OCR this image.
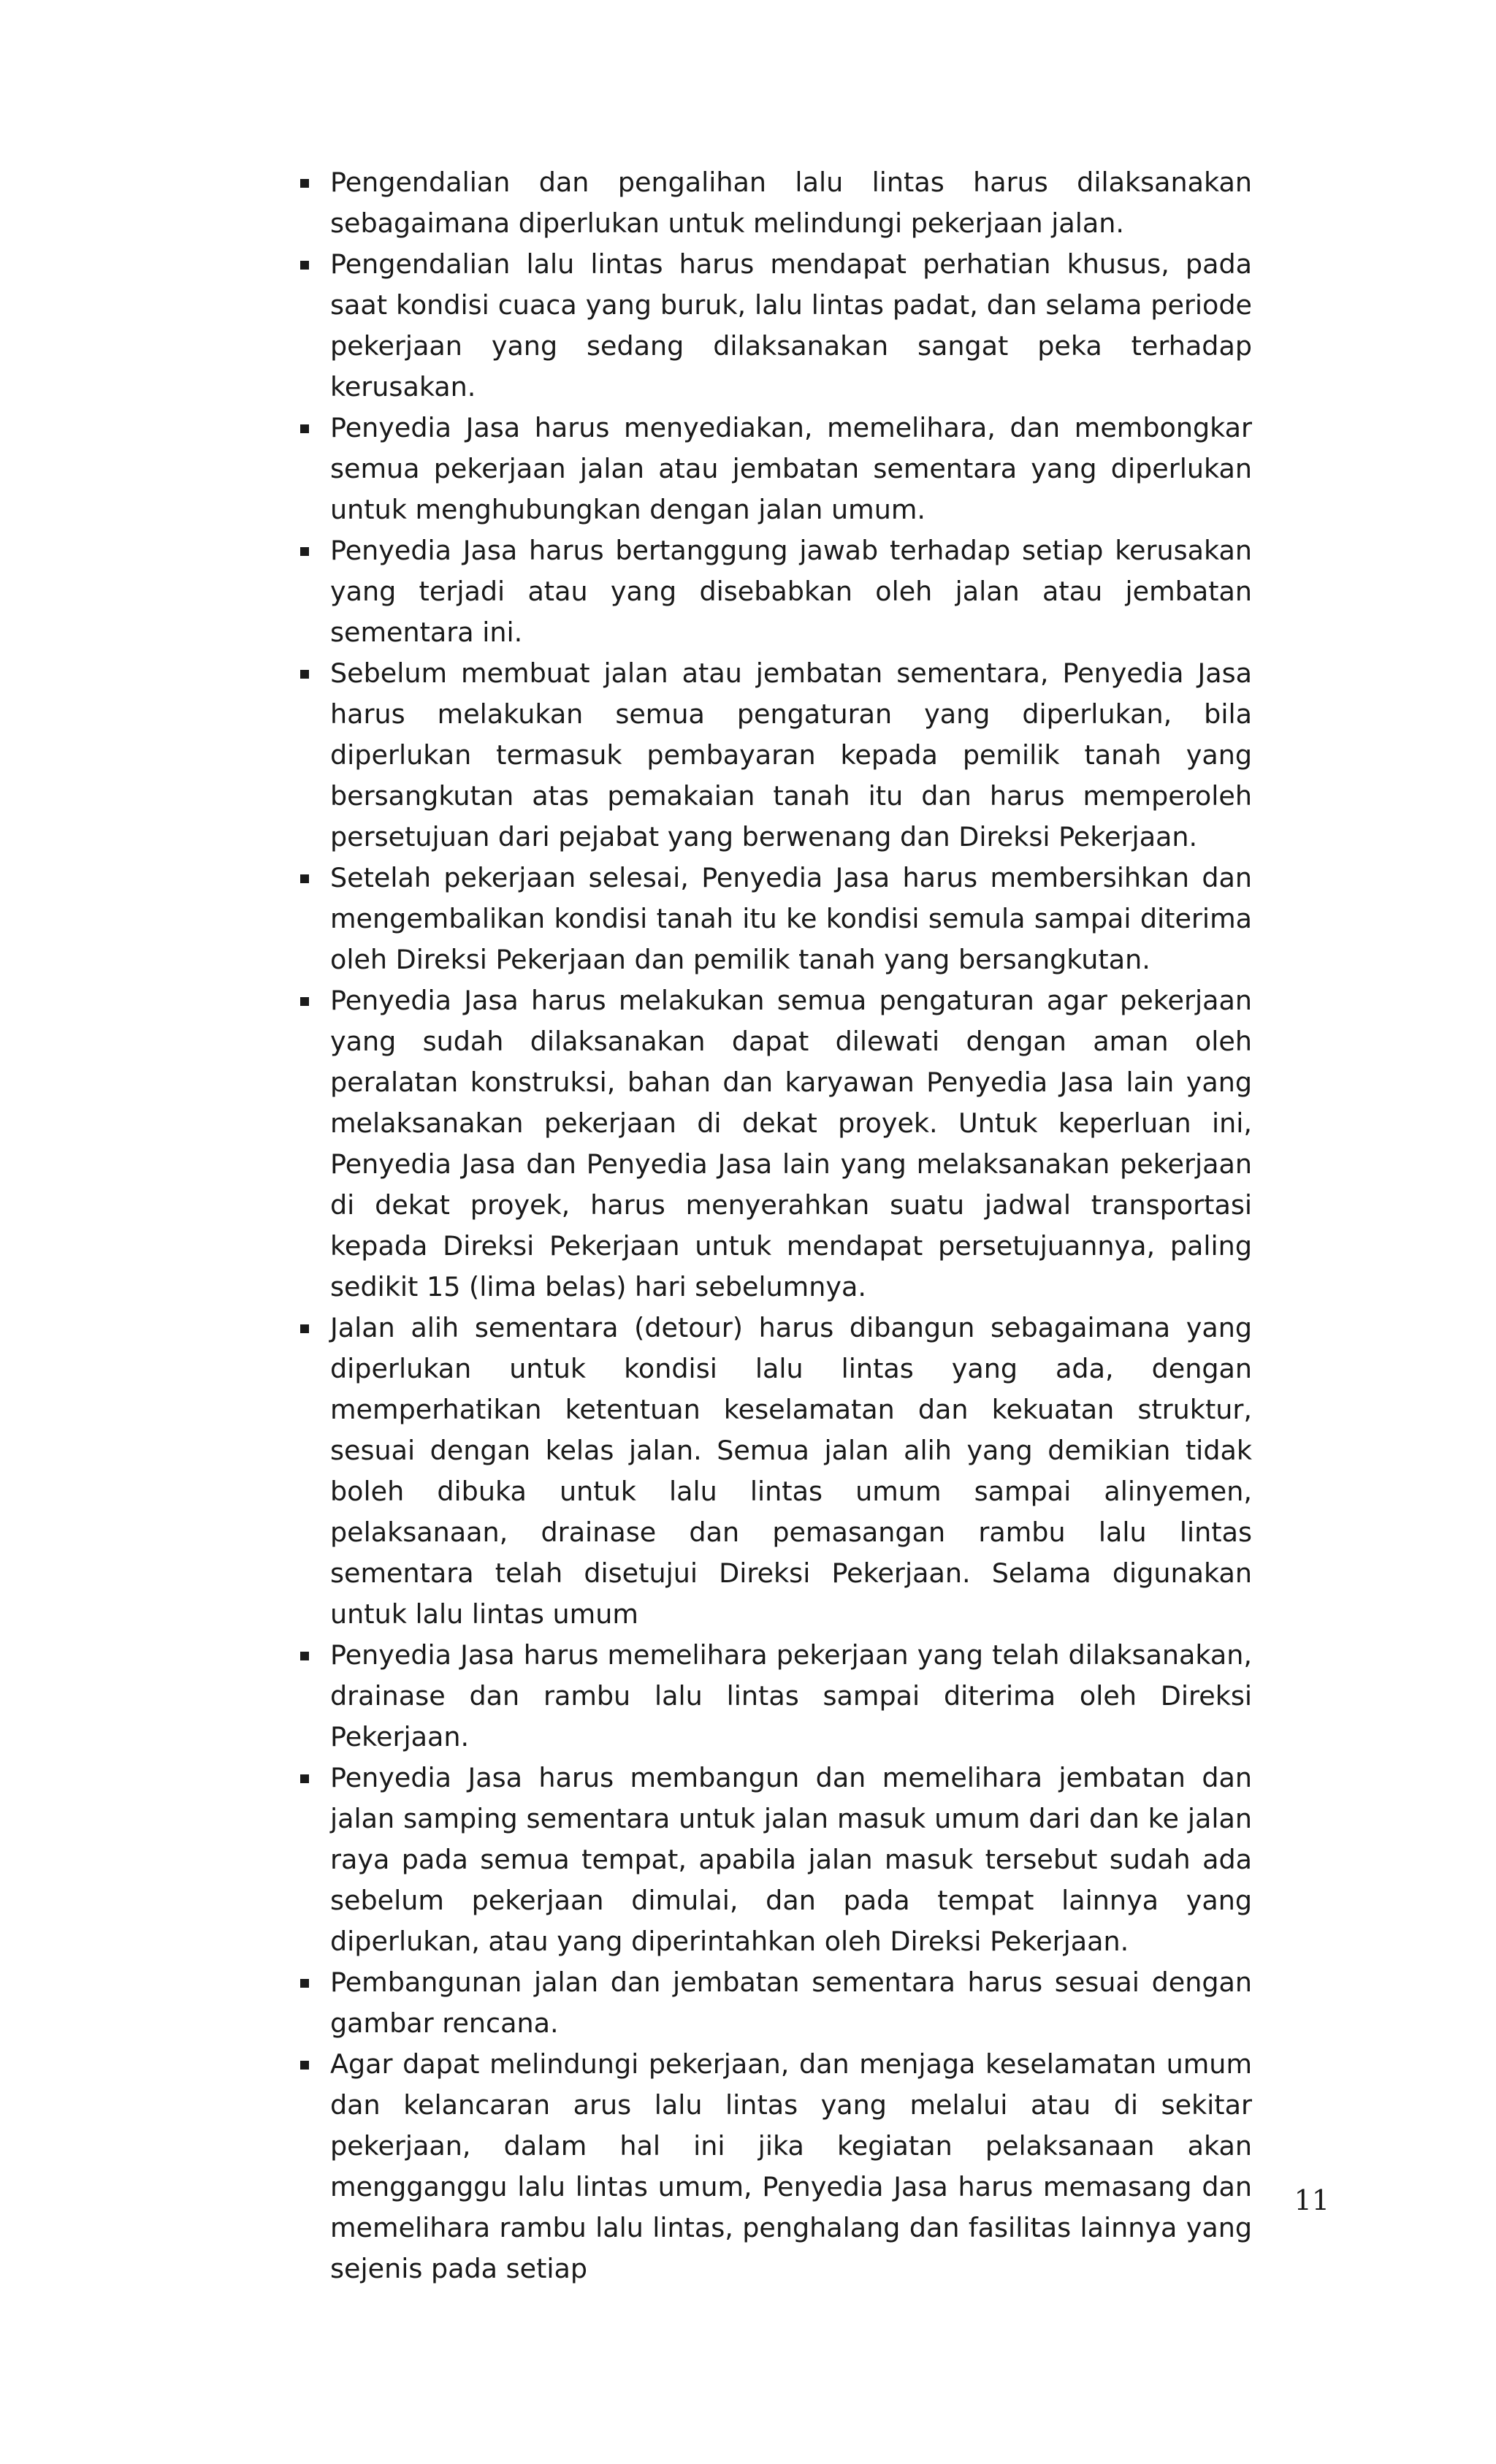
Pengendalian dan pengalihan lalu lintas harus dilaksanakan sebagaimana diperlukan untuk melindungi pekerjaan jalan.
Pengendalian lalu lintas harus mendapat perhatian khusus, pada saat kondisi cuaca yang buruk, lalu lintas padat, dan selama periode pekerjaan yang sedang dilaksanakan sangat peka terhadap kerusakan.
Penyedia Jasa harus menyediakan, memelihara, dan membongkar semua pekerjaan jalan atau jembatan sementara yang diperlukan untuk menghubungkan dengan jalan umum.
Penyedia Jasa harus bertanggung jawab terhadap setiap kerusakan yang terjadi atau yang disebabkan oleh jalan atau jembatan sementara ini.
Sebelum membuat jalan atau jembatan sementara, Penyedia Jasa harus melakukan semua pengaturan yang diperlukan, bila diperlukan termasuk pembayaran kepada pemilik tanah yang bersangkutan atas pemakaian tanah itu dan harus memperoleh persetujuan dari pejabat yang berwenang dan Direksi Pekerjaan.
Setelah pekerjaan selesai, Penyedia Jasa harus membersihkan dan mengembalikan kondisi tanah itu ke kondisi semula sampai diterima oleh Direksi Pekerjaan dan pemilik tanah yang bersangkutan.
Penyedia Jasa harus melakukan semua pengaturan agar pekerjaan yang sudah dilaksanakan dapat dilewati dengan aman oleh peralatan konstruksi, bahan dan karyawan Penyedia Jasa lain yang melaksanakan pekerjaan di dekat proyek. Untuk keperluan ini, Penyedia Jasa dan Penyedia Jasa lain yang melaksanakan pekerjaan di dekat proyek, harus menyerahkan suatu jadwal transportasi kepada Direksi Pekerjaan untuk mendapat persetujuannya, paling sedikit 15 (lima belas) hari sebelumnya.
Jalan alih sementara (detour) harus dibangun sebagaimana yang diperlukan untuk kondisi lalu lintas yang ada, dengan memperhatikan ketentuan keselamatan dan kekuatan struktur, sesuai dengan kelas jalan. Semua jalan alih yang demikian tidak boleh dibuka untuk lalu lintas umum sampai alinyemen, pelaksanaan, drainase dan pemasangan rambu lalu lintas sementara telah disetujui Direksi Pekerjaan. Selama digunakan untuk lalu lintas umum
Penyedia Jasa harus memelihara pekerjaan yang telah dilaksanakan, drainase dan rambu lalu lintas sampai diterima oleh Direksi Pekerjaan.
Penyedia Jasa harus membangun dan memelihara jembatan dan jalan samping sementara untuk jalan masuk umum dari dan ke jalan raya pada semua tempat, apabila jalan masuk tersebut sudah ada sebelum pekerjaan dimulai, dan pada tempat lainnya yang diperlukan, atau yang diperintahkan oleh Direksi Pekerjaan.
Pembangunan jalan dan jembatan sementara harus sesuai dengan gambar rencana.
Agar dapat melindungi pekerjaan, dan menjaga keselamatan umum dan kelancaran arus lalu lintas yang melalui atau di sekitar pekerjaan, dalam hal ini jika kegiatan pelaksanaan akan mengganggu lalu lintas umum, Penyedia Jasa harus memasang dan memelihara rambu lalu lintas, penghalang dan fasilitas lainnya yang sejenis pada setiap
11
